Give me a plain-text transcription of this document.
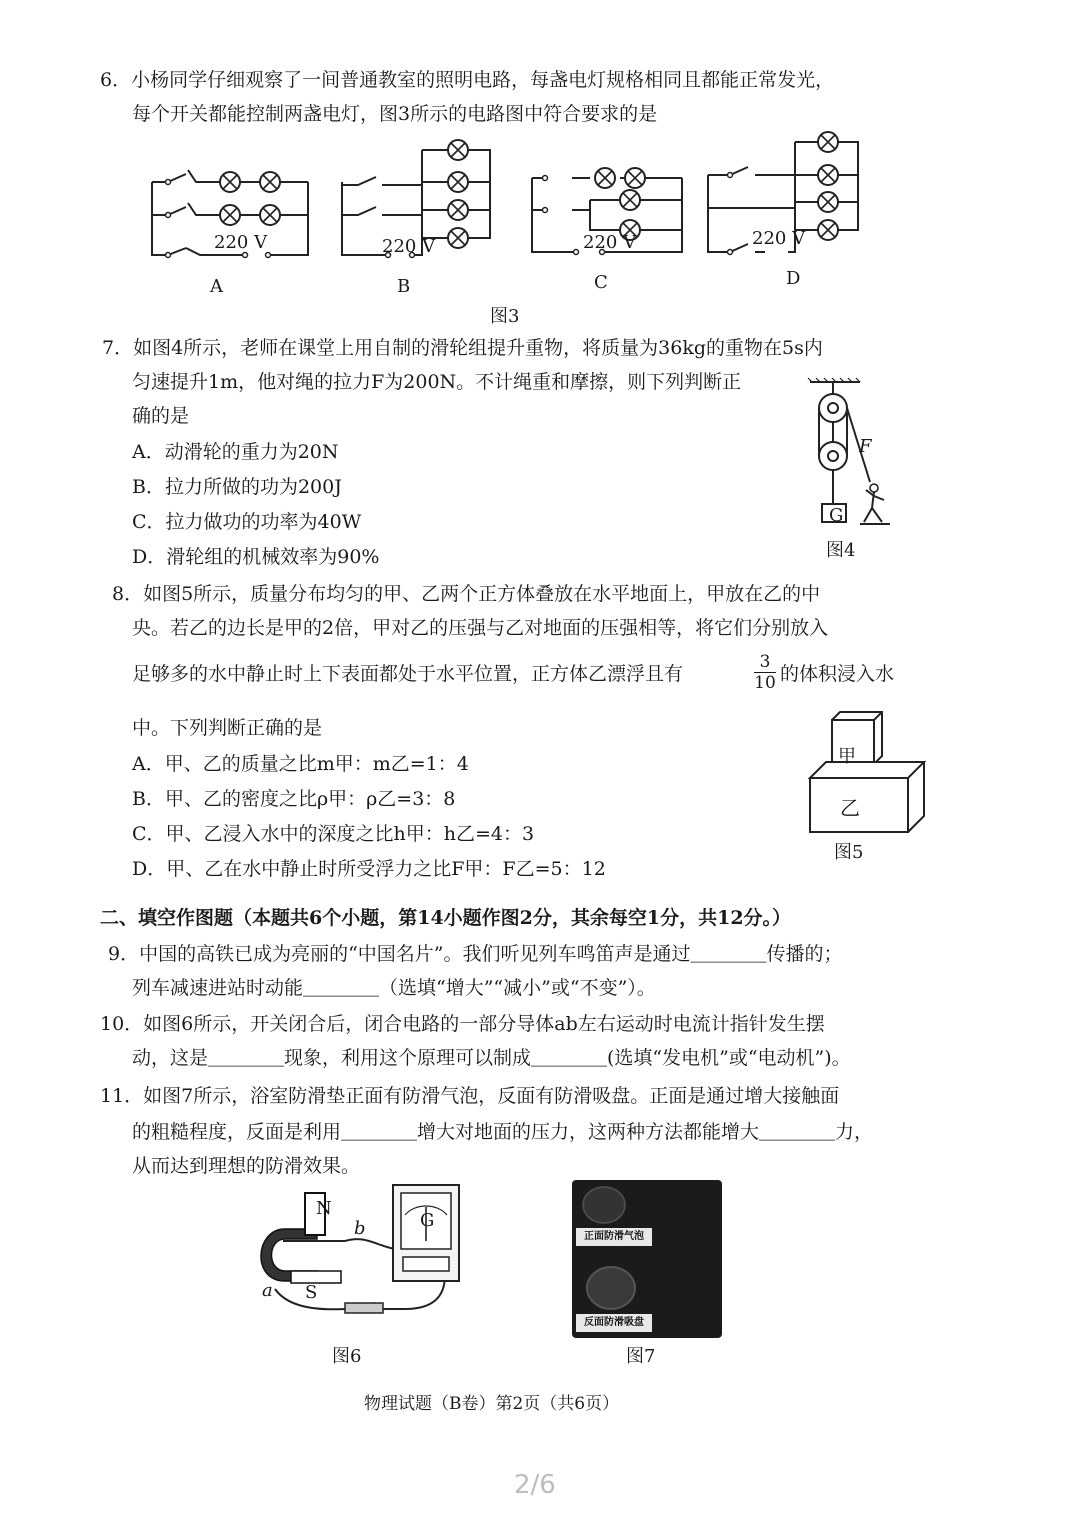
6．小杨同学仔细观察了一间普通教室的照明电路，每盏电灯规格相同且都能正常发光，
每个开关都能控制两盏电灯，图3所示的电路图中符合要求的是
220 V	220 V	220 V	220 V
A	B	C	D
图3
7．如图4所示，老师在课堂上用自制的滑轮组提升重物，将质量为36kg的重物在5s内
匀速提升1m，他对绳的拉力F为200N。不计绳重和摩擦，则下列判断正
确的是
A．动滑轮的重力为20N
B．拉力所做的功为200J
C．拉力做功的功率为40W
D．滑轮组的机械效率为90%
F
G
图4
8．如图5所示，质量分布均匀的甲、乙两个正方体叠放在水平地面上，甲放在乙的中
央。若乙的边长是甲的2倍，甲对乙的压强与乙对地面的压强相等，将它们分别放入
足够多的水中静止时上下表面都处于水平位置，正方体乙漂浮且有	$\frac{3}{10}$ 的体积浸入水
中。下列判断正确的是
A．甲、乙的质量之比m甲：m乙=1：4
B．甲、乙的密度之比ρ甲：ρ乙=3：8
C．甲、乙浸入水中的深度之比h甲：h乙=4：3
D．甲、乙在水中静止时所受浮力之比F甲：F乙=5：12
甲
乙
图5
二、填空作图题（本题共6个小题，第14小题作图2分，其余每空1分，共12分。）
9．中国的高铁已成为亮丽的“中国名片”。我们听见列车鸣笛声是通过＿＿＿＿传播的；
列车减速进站时动能＿＿＿＿（选填“增大”“减小”或“不变”）。
10．如图6所示，开关闭合后，闭合电路的一部分导体ab左右运动时电流计指针发生摆
动，这是＿＿＿＿现象，利用这个原理可以制成＿＿＿＿(选填“发电机”或“电动机”)。
11．如图7所示，浴室防滑垫正面有防滑气泡，反面有防滑吸盘。正面是通过增大接触面
的粗糙程度，反面是利用＿＿＿＿增大对地面的压力，这两种方法都能增大＿＿＿＿力，
从而达到理想的防滑效果。
N
S
a
b	G
图6
正面防滑气泡
反面防滑吸盘
图7
物理试题（B卷）第2页（共6页）
2/6
